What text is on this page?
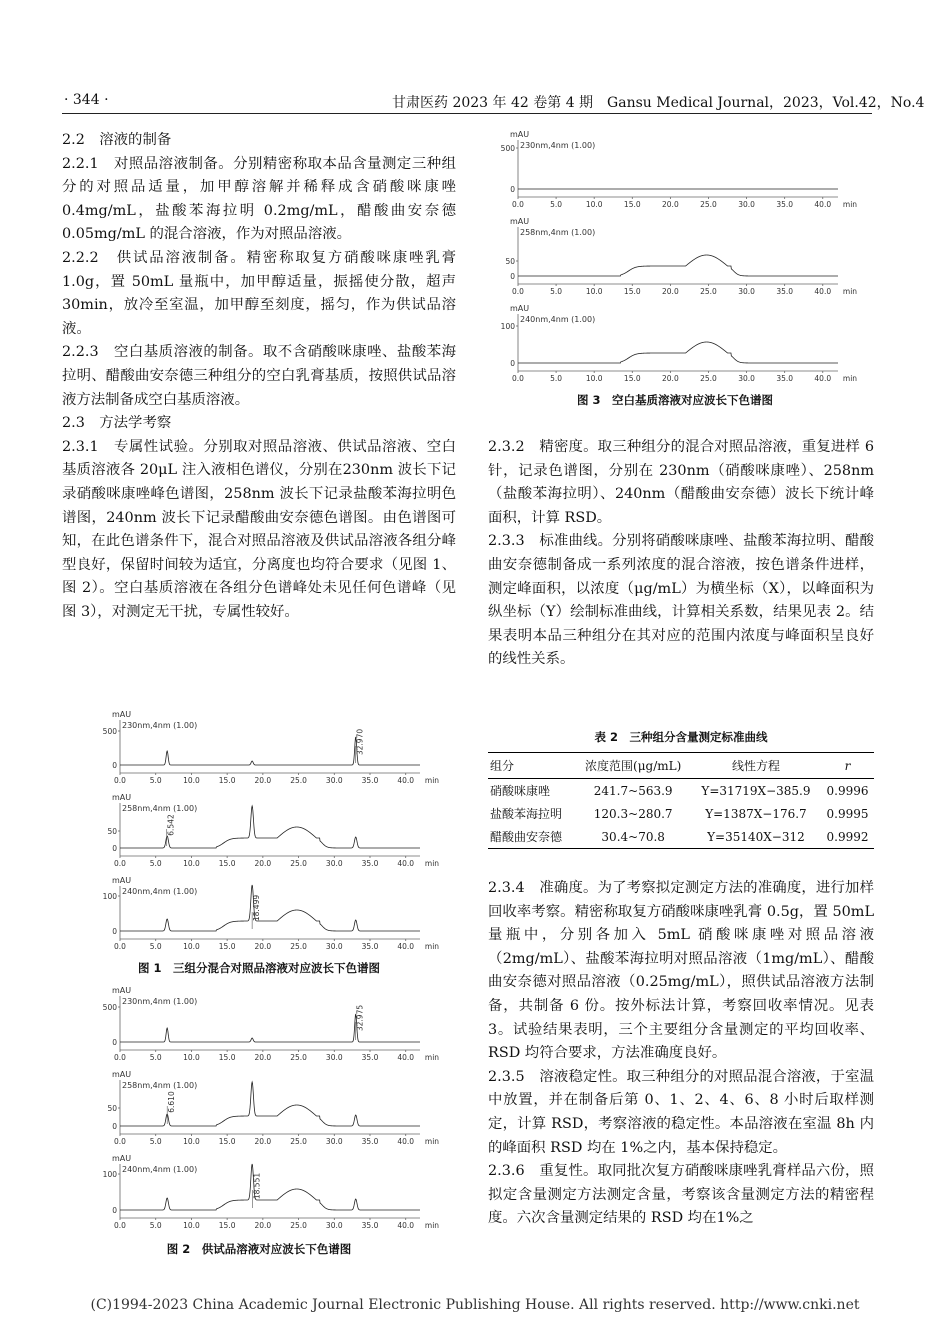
· 344 ·	甘肃医药 2023 年 42 卷第 4 期　Gansu Medical Journal，2023，Vol.42，No.4

2.2　溶液的制备

2.2.1　对照品溶液制备。分别精密称取本品含量测定三种组分的对照品适量，加甲醇溶解并稀释成含硝酸咪康唑 0.4mg/mL，盐酸苯海拉明 0.2mg/mL，醋酸曲安奈德 0.05mg/mL 的混合溶液，作为对照品溶液。

2.2.2　供试品溶液制备。精密称取复方硝酸咪康唑乳膏 1.0g，置 50mL 量瓶中，加甲醇适量，振摇使分散，超声 30min，放冷至室温，加甲醇至刻度，摇匀，作为供试品溶液。

2.2.3　空白基质溶液的制备。取不含硝酸咪康唑、盐酸苯海拉明、醋酸曲安奈德三种组分的空白乳膏基质，按照供试品溶液方法制备成空白基质溶液。

2.3　方法学考察

2.3.1　专属性试验。分别取对照品溶液、供试品溶液、空白基质溶液各 20μL 注入液相色谱仪，分别在230nm 波长下记录硝酸咪康唑峰色谱图，258nm 波长下记录盐酸苯海拉明色谱图，240nm 波长下记录醋酸曲安奈德色谱图。由色谱图可知，在此色谱条件下，混合对照品溶液及供试品溶液各组分峰型良好，保留时间较为适宜，分离度也均符合要求（见图 1、图 2）。空白基质溶液在各组分色谱峰处未见任何色谱峰（见图 3），对测定无干扰，专属性较好。

2.3.2　精密度。取三种组分的混合对照品溶液，重复进样 6 针，记录色谱图，分别在 230nm（硝酸咪康唑）、258nm（盐酸苯海拉明）、240nm（醋酸曲安奈德）波长下统计峰面积，计算 RSD。

2.3.3　标准曲线。分别将硝酸咪康唑、盐酸苯海拉明、醋酸曲安奈德制备成一系列浓度的混合溶液，按色谱条件进样，测定峰面积，以浓度（μg/mL）为横坐标（X），以峰面积为纵坐标（Y）绘制标准曲线，计算相关系数，结果见表 2。结果表明本品三种组分在其对应的范围内浓度与峰面积呈良好的线性关系。

2.3.4　准确度。为了考察拟定测定方法的准确度，进行加样回收率考察。精密称取复方硝酸咪康唑乳膏 0.5g，置 50mL 量瓶中，分别各加入 5mL 硝酸咪康唑对照品溶液（2mg/mL）、盐酸苯海拉明对照品溶液（1mg/mL）、醋酸曲安奈德对照品溶液（0.25mg/mL），照供试品溶液方法制备，共制备 6 份。按外标法计算，考察回收率情况。见表 3。试验结果表明，三个主要组分含量测定的平均回收率、RSD 均符合要求，方法准确度良好。

2.3.5　溶液稳定性。取三种组分的对照品混合溶液，于室温中放置，并在制备后第 0、1、2、4、6、8 小时后取样测定，计算 RSD，考察溶液的稳定性。本品溶液在室温 8h 内的峰面积 RSD 均在 1%之内，基本保持稳定。

2.3.6　重复性。取同批次复方硝酸咪康唑乳膏样品六份，照拟定含量测定方法测定含量，考察该含量测定方法的精密程度。六次含量测定结果的 RSD 均在1%之

表 2　三种组分含量测定标准曲线
组分	浓度范围(μg/mL)	线性方程	r
硝酸咪康唑	241.7~563.9	Y=31719X−385.9	0.9996
盐酸苯海拉明	120.3~280.7	Y=1387X−176.7	0.9995
醋酸曲安奈德	30.4~70.8	Y=35140X−312	0.9992
mAU
230nm,4nm (1.00)
500
0
0.0	5.0	10.0	15.0	20.0	25.0	30.0	35.0	40.0 min
mAU
258nm,4nm (1.00)
50
0
0.0	5.0	10.0	15.0	20.0	25.0	30.0	35.0	40.0 min
mAU
240nm,4nm (1.00)
100
0
0.0	5.0	10.0	15.0	20.0	25.0	30.0	35.0	40.0 min
图 3　空白基质溶液对应波长下色谱图
mAU
230nm,4nm (1.00)
500
0
0.0	5.0	10.0	15.0	20.0	25.0	30.0	35.0	40.0 min
32.970
mAU
258nm,4nm (1.00)
50
0
0.0	5.0	10.0	15.0	20.0	25.0	30.0	35.0	40.0 min
6.542
mAU
240nm,4nm (1.00)
100
0
0.0	5.0	10.0	15.0	20.0	25.0	30.0	35.0	40.0 min
18.499
图 1　三组分混合对照品溶液对应波长下色谱图
mAU
230nm,4nm (1.00)
500
0
0.0	5.0	10.0	15.0	20.0	25.0	30.0	35.0	40.0 min
32.975
mAU
258nm,4nm (1.00)
50
0
0.0	5.0	10.0	15.0	20.0	25.0	30.0	35.0	40.0 min
6.610
mAU
240nm,4nm (1.00)
100
0
0.0	5.0	10.0	15.0	20.0	25.0	30.0	35.0	40.0 min
18.551
图 2　供试品溶液对应波长下色谱图
(C)1994-2023 China Academic Journal Electronic Publishing House. All rights reserved. http://www.cnki.net
